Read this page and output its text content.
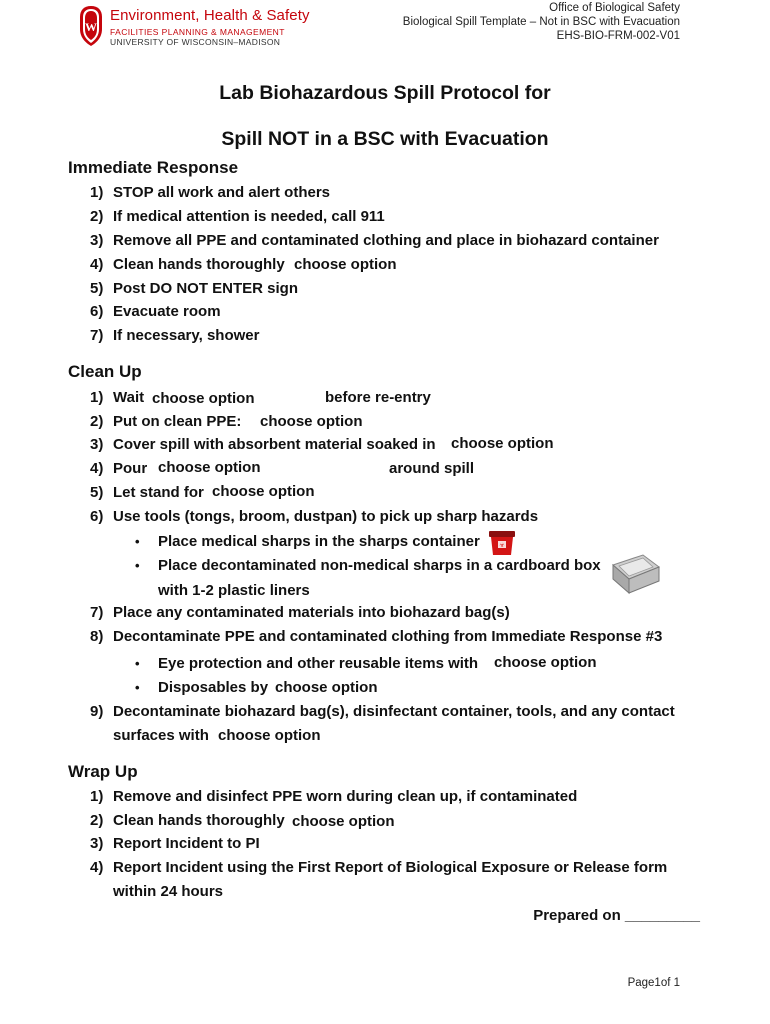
W
Environment, Health & Safety
FACILITIES PLANNING & MANAGEMENT
UNIVERSITY OF WISCONSIN–MADISON
Office of Biological Safety
Biological Spill Template – Not in BSC with Evacuation
EHS-BIO-FRM-002-V01
Lab Biohazardous Spill Protocol for
Spill NOT in a BSC with Evacuation
Immediate Response
1) STOP all work and alert others
2) If medical attention is needed, call 911
3) Remove all PPE and contaminated clothing and place in biohazard container
4) Clean hands thoroughly choose option
5) Post DO NOT ENTER sign
6) Evacuate room
7) If necessary, shower
Clean Up
1) Wait choose option	before re-entry
2) Put on clean PPE: choose option
3) Cover spill with absorbent material soaked in choose option
4) Pour choose option	around spill
5) Let stand for choose option
6) Use tools (tongs, broom, dustpan) to pick up sharp hazards
• Place medical sharps in the sharps container	☣
• Place decontaminated non-medical sharps in a cardboard box
with 1-2 plastic liners
7) Place any contaminated materials into biohazard bag(s)
8) Decontaminate PPE and contaminated clothing from Immediate Response #3
• Eye protection and other reusable items with choose option
• Disposables by choose option
9) Decontaminate biohazard bag(s), disinfectant container, tools, and any contact
surfaces with choose option
Wrap Up
1) Remove and disinfect PPE worn during clean up, if contaminated
2) Clean hands thoroughly choose option
3) Report Incident to PI
4) Report Incident using the First Report of Biological Exposure or Release form
within 24 hours
Prepared on _________
Page1of 1
